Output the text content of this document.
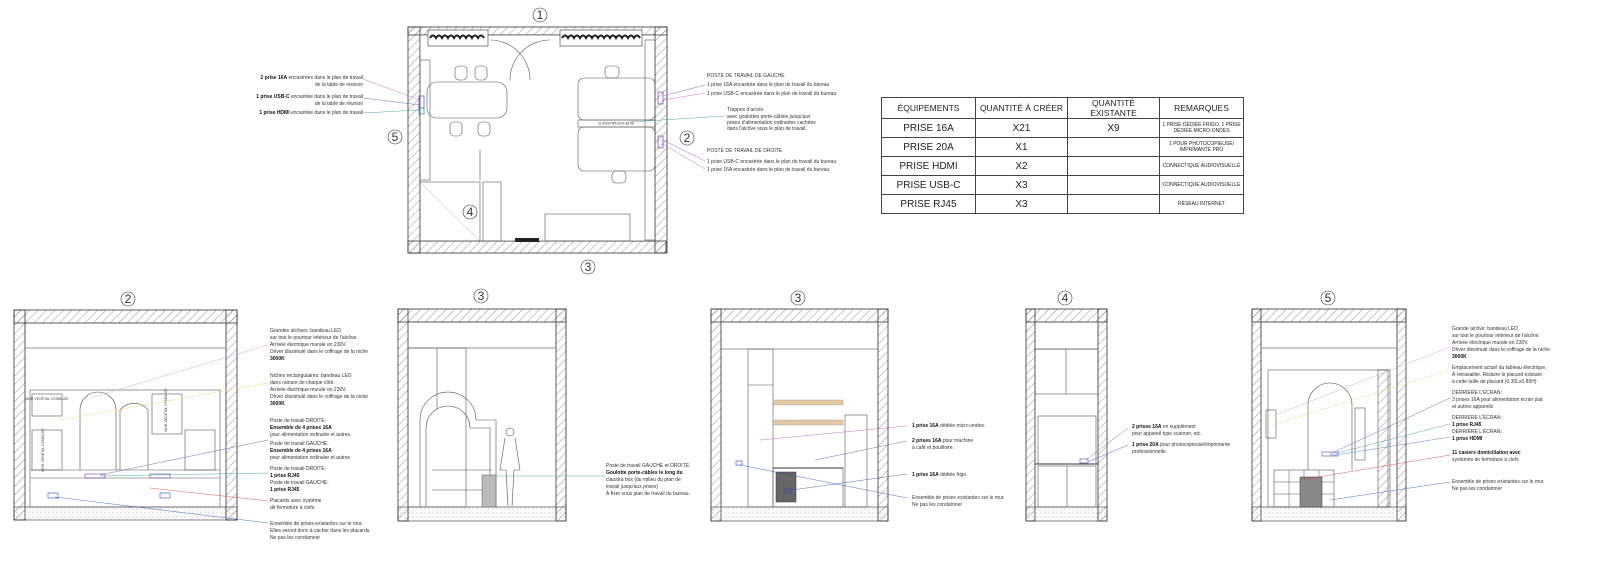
CLAUSTRA BOX BOIS
1
2
3
4
5
2 prise 16A encastrées dans le plan de travail
de la table de réunion
1 prise USB-C encastrée dans le plan de travail
de la table de réunion
1 prise HDMI encastrée dans le plan de travail
POSTE DE TRAVAIL DE GAUCHE
1 prise 16A encastrée dans le plan de travail du bureau
1 prise USB-C encastrée dans le plan de travail du bureau
Trappes d'accès
avec goulottes porte-câbles jusqu'aux
prises d'alimentation ordinaires cachées
dans l'alcôve sous le plan de travail.
POSTE DE TRAVAIL DE DROITE
1 prise USB-C encastrée dans le plan de travail du bureau
1 prise 16A encastrée dans le plan de travail du bureau
2
MUR VÉGÉTAL STABILISÉ	MUR VÉGÉTAL STABILISÉ
MUR VÉGÉTAL STABILISÉ
Grandes alcôves: bandeau LED
sur tout le pourtour intérieur de l'alcôve.
Arrivée électrique murale en 230V.
Driver dissimulé dans le coffrage de la niche
3000K
Niches rectangulaires: bandeau LED
dans rainure de chaque côté.
Arrivée électrique murale en 230V.
Driver dissimulé dans le coffrage de la niche
3000K
Poste de travail DROITE:
Ensemble de 4 prises 16A
pour alimentation ordinaire et autres.
Poste de travail GAUCHE:
Ensemble de 4 prises 16A
pour alimentation ordinaire et autres
Poste de travail DROITE:
1 prise RJ45
Poste de travail GAUCHE:
1 prise RJ45
Placards avec système
de fermeture à clefs
Ensemble de prises existantes sur le mur.
Elles seront donc à cacher dans les placards.
Ne pas les condamner
3
Poste de travail GAUCHE et DROITE:
Goulotte porte-câbles le long du
claustra box (du milieu du plan de
travail jusqu'aux prises)
À fixer sous plan de travail du bureau.
3
1 prise 16A dédiée micro-ondes.
2 prises 16A pour machine
à café et bouilloire.
1 prise 16A dédiée frigo.
Ensemble de prises existantes sur le mur.
Ne pas les condamner
4
2 prises 16A en supplément
pour appareil type scanner, etc.
1 prise 20A pour photocopieuse/imprimante
professionnelle.
5
Grande alcôve: bandeau LED
sur tout le pourtour intérieur de l'alcôve.
Arrivée électrique murale en 230V.
Driver dissimulé dans le coffrage de la niche
3000K
Emplacement actuel du tableau électrique.
À retravailler. Réduire le placard existant
à cette taille de placard (0.30Lx0.85H)
DERRIÈRE L'ÉCRAN:
3 prises 16A pour alimentation écran plat
et autres appareils
DERRIÈRE L'ÉCRAN:
1 prise RJ45
DERRIÈRE L'ÉCRAN:
1 prise HDMI
11 casiers domiciliation avec
systèmes de fermeture à clefs
Ensemble de prises existantes sur le mur.
Ne pas les condamner
ÉQUIPEMENTS	QUANTITÉ À CRÉER	QUANTITÉ EXISTANTE	REMARQUES
PRISE 16A	X21	X9	1 PRISE DÉDIÉE FRIGO, 1 PRISE
DÉDIÉE MICRO-ONDES
PRISE 20A	X1		1 POUR PHOTOCOPIEUSE/
IMPRIMANTE PRO
PRISE HDMI	X2		CONNECTIQUE AUDIOVISUELLE
PRISE USB-C	X3		CONNECTIQUE AUDIOVISUELLE
PRISE RJ45	X3		RÉSEAU INTERNET
